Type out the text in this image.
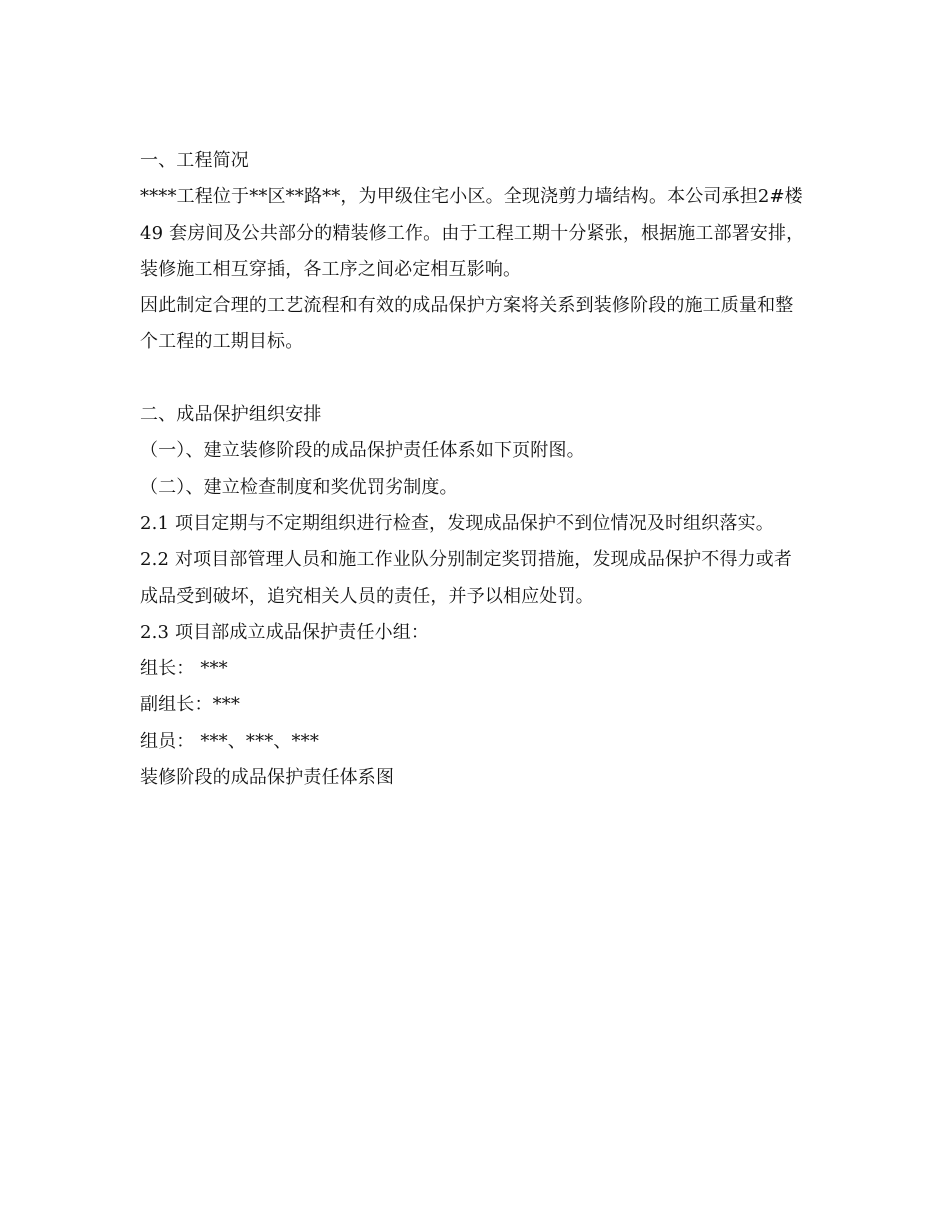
一、工程简况
****工程位于**区**路**，为甲级住宅小区。全现浇剪力墙结构。本公司承担2#楼
49 套房间及公共部分的精装修工作。由于工程工期十分紧张，根据施工部署安排，
装修施工相互穿插，各工序之间必定相互影响。
因此制定合理的工艺流程和有效的成品保护方案将关系到装修阶段的施工质量和整
个工程的工期目标。
二、成品保护组织安排
（一）、建立装修阶段的成品保护责任体系如下页附图。
（二）、建立检查制度和奖优罚劣制度。
2.1 项目定期与不定期组织进行检查，发现成品保护不到位情况及时组织落实。
2.2 对项目部管理人员和施工作业队分别制定奖罚措施，发现成品保护不得力或者
成品受到破坏，追究相关人员的责任，并予以相应处罚。
2.3 项目部成立成品保护责任小组：
组长： ***
副组长：***
组员： ***、***、***
装修阶段的成品保护责任体系图
